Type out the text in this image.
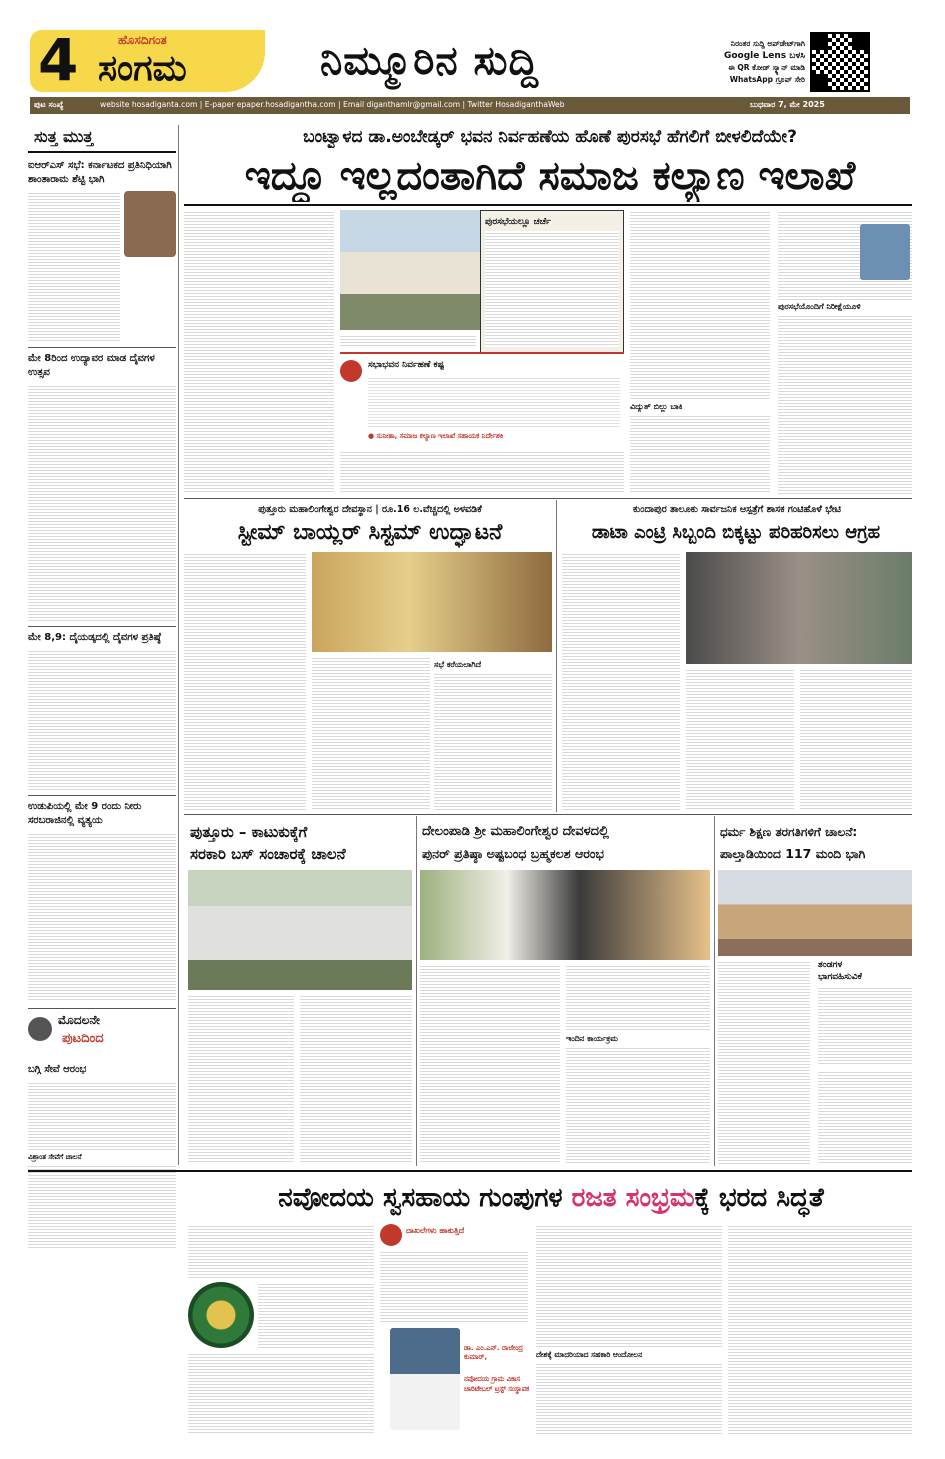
4	ಹೊಸದಿಗಂತ
ಸಂಗಮ	ನಿಮ್ಮೂರಿನ ಸುದ್ದಿ	ನಿರಂತರ ಸುದ್ದಿ ಅಪ್‌ಡೇಟ್‌ಗಾಗಿ
Google Lens ಬಳಸಿ
ಈ QR ಕೋಡ್ ಸ್ಕ್ಯಾನ್ ಮಾಡಿ
WhatsApp ಗ್ರೂಪ್ ಸೇರಿ
ಪುಟ ಸಂಖ್ಯೆ	website hosadiganta.com | E-paper epaper.hosadigantha.com | Email diganthamlr@gmail.com | Twitter HosadiganthaWeb	ಬುಧವಾರ 7, ಮೇ 2025
ಸುತ್ತ ಮುತ್ತ
ಐಆರ್‌ಎಸ್ ಸಭೆ: ಕರ್ನಾಟಕದ ಪ್ರತಿನಿಧಿಯಾಗಿ ಶಾಂತಾರಾಮ ಶೆಟ್ಟಿ ಭಾಗಿ
ಮೇ 8ರಿಂದ ಉದ್ಯಾವರ ಮಾಡ ದೈವಗಳ ಉತ್ಸವ
ಮೇ 8,9: ದೈಯಡ್ಕದಲ್ಲಿ ದೈವಗಳ ಪ್ರತಿಷ್ಠೆ
ಉಡುಪಿಯಲ್ಲಿ ಮೇ 9 ರಂದು ನೀರು ಸರಬರಾಜಿನಲ್ಲಿ ವ್ಯತ್ಯಯ
ಮೊದಲನೇ
ಪುಟದಿಂದ
ಬಗ್ಗಿ ಸೇವೆ ಆರಂಭ
ವಿಶ್ರಾಂತ ಸೇವೆಗೆ ಚಾಲನೆ
ಬಂಟ್ವಾಳದ ಡಾ.ಅಂಬೇಡ್ಕರ್ ಭವನ ನಿರ್ವಹಣೆಯ ಹೊಣೆ ಪುರಸಭೆ ಹೆಗಲಿಗೆ ಬೀಳಲಿದೆಯೇ?
ಇದ್ದೂ ಇಲ್ಲದಂತಾಗಿದೆ ಸಮಾಜ ಕಲ್ಯಾಣ ಇಲಾಖೆ
ಪುರಸಭೆಯಲ್ಲೂ ಚರ್ಚೆ
ಸಭಾಭವನ ನಿರ್ವಹಣೆ ಕಷ್ಟ
● ಸುನೀತಾ, ಸಮಾಜ ಕಲ್ಯಾಣ ಇಲಾಖೆ ಸಹಾಯಕ ನಿರ್ದೇಶಕಿ
ವಿದ್ಯುತ್ ಬಿಲ್ಲು ಬಾಕಿ
ಪುರಸಭೆಯೊಂದಿಗೆ ನಿರೀಕ್ಷೆಯೂಳಿ
ಪುತ್ತೂರು ಮಹಾಲಿಂಗೇಶ್ವರ ದೇವಸ್ಥಾನ | ರೂ.16 ಲ.ವೆಚ್ಚದಲ್ಲಿ ಅಳವಡಿಕೆ
ಸ್ಟೀಮ್ ಬಾಯ್ಲರ್ ಸಿಸ್ಟಮ್ ಉದ್ಘಾಟನೆ
ಸಭೆ ಕರೆಯಲಾಗಿದೆ
ಕುಂದಾಪುರ ತಾಲೂಕು ಸಾರ್ವಜನಿಕ ಆಸ್ಪತ್ರೆಗೆ ಶಾಸಕ ಗಂಟಿಹೊಳೆ ಭೇಟಿ
ಡಾಟಾ ಎಂಟ್ರಿ ಸಿಬ್ಬಂದಿ ಬಿಕ್ಕಟ್ಟು ಪರಿಹರಿಸಲು ಆಗ್ರಹ
ಪುತ್ತೂರು – ಕಾಟುಕುಕ್ಕೆಗೆ
ಸರಕಾರಿ ಬಸ್ ಸಂಚಾರಕ್ಕೆ ಚಾಲನೆ
ದೇಲಂಪಾಡಿ ಶ್ರೀ ಮಹಾಲಿಂಗೇಶ್ವರ ದೇವಳದಲ್ಲಿ
ಪುನರ್ ಪ್ರತಿಷ್ಠಾ ಅಷ್ಟಬಂಧ ಬ್ರಹ್ಮಕಲಶ ಆರಂಭ
ಇಂದಿನ ಕಾರ್ಯಕ್ರಮ
ಧರ್ಮ ಶಿಕ್ಷಣ ತರಗತಿಗಳಿಗೆ ಚಾಲನೆ:
ಪಾಲ್ತಾಡಿಯಿಂದ 117 ಮಂದಿ ಭಾಗಿ
ತಂಡಗಳ
ಭಾಗವಹಿಸುವಿಕೆ
ನವೋದಯ ಸ್ವಸಹಾಯ ಗುಂಪುಗಳ ರಜತ ಸಂಭ್ರಮಕ್ಕೆ ಭರದ ಸಿದ್ಧತೆ
ದಾಖಲೆಗಳು ಹಾಕುತ್ತಿದೆ
ಡಾ. ಎಂ.ಎನ್. ರಾಜೇಂದ್ರ ಕುಮಾರ್,
ನವೋದಯ ಗ್ರಾಮ ವಿಕಾಸ ಚಾರಿಟೇಬಲ್ ಟ್ರಸ್ಟ್ ಸಂಸ್ಥಾಪಕ
ದೇಶಕ್ಕೆ ಮಾದರಿಯಾದ ಸಹಕಾರಿ ಆಂದೋಲನ
